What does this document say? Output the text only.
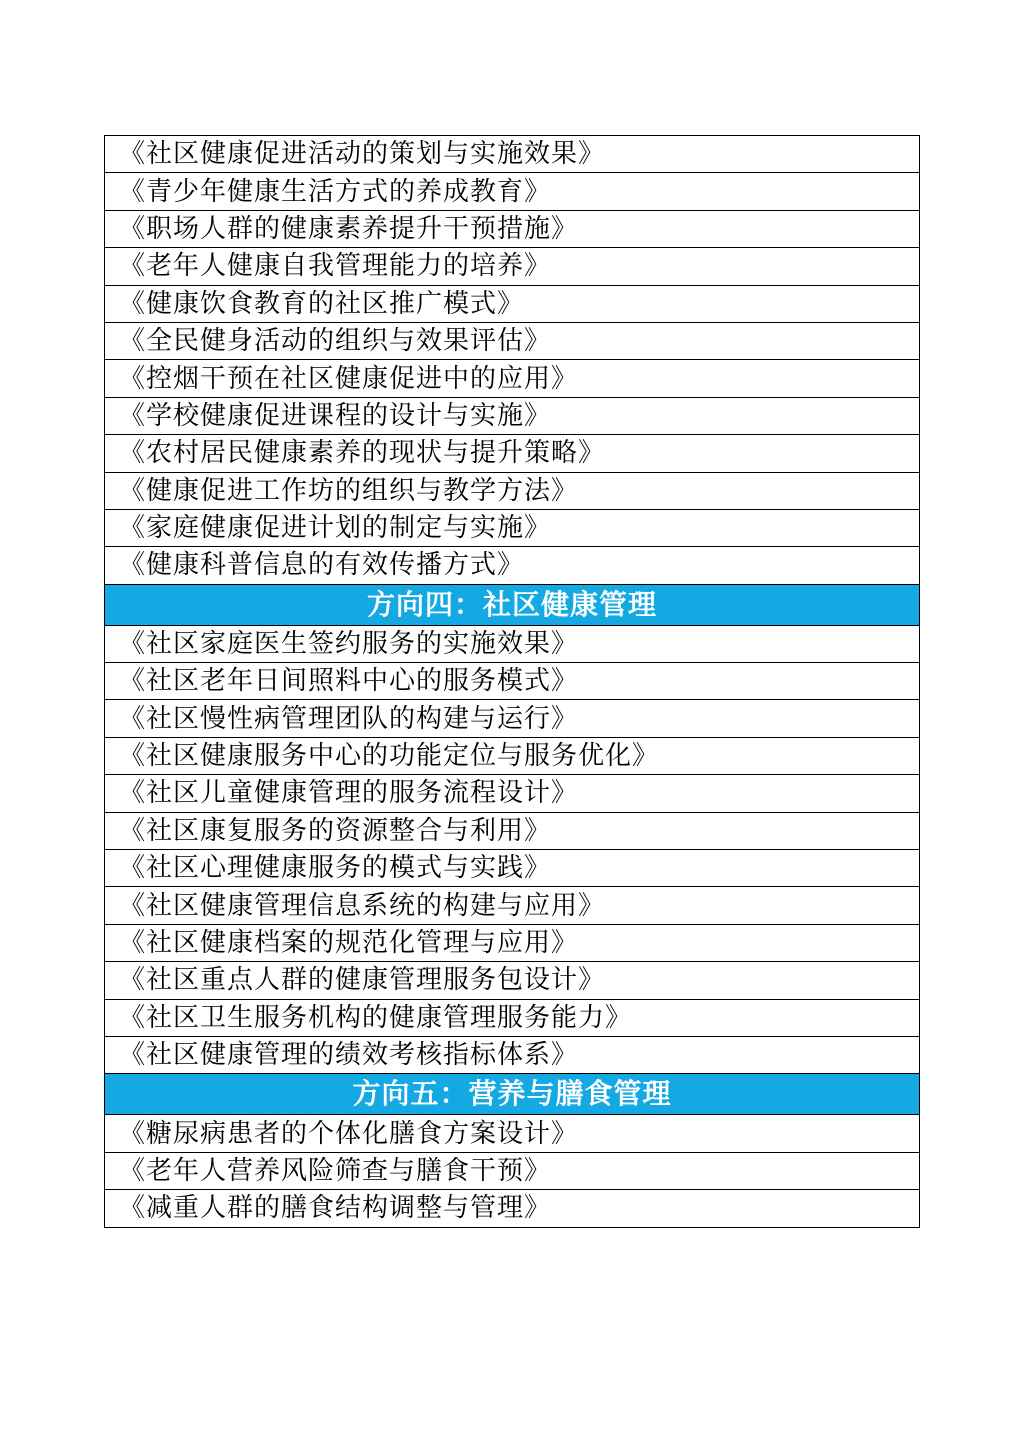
《社区健康促进活动的策划与实施效果》
《青少年健康生活方式的养成教育》
《职场人群的健康素养提升干预措施》
《老年人健康自我管理能力的培养》
《健康饮食教育的社区推广模式》
《全民健身活动的组织与效果评估》
《控烟干预在社区健康促进中的应用》
《学校健康促进课程的设计与实施》
《农村居民健康素养的现状与提升策略》
《健康促进工作坊的组织与教学方法》
《家庭健康促进计划的制定与实施》
《健康科普信息的有效传播方式》
方向四：社区健康管理
《社区家庭医生签约服务的实施效果》
《社区老年日间照料中心的服务模式》
《社区慢性病管理团队的构建与运行》
《社区健康服务中心的功能定位与服务优化》
《社区儿童健康管理的服务流程设计》
《社区康复服务的资源整合与利用》
《社区心理健康服务的模式与实践》
《社区健康管理信息系统的构建与应用》
《社区健康档案的规范化管理与应用》
《社区重点人群的健康管理服务包设计》
《社区卫生服务机构的健康管理服务能力》
《社区健康管理的绩效考核指标体系》
方向五：营养与膳食管理
《糖尿病患者的个体化膳食方案设计》
《老年人营养风险筛查与膳食干预》
《减重人群的膳食结构调整与管理》
